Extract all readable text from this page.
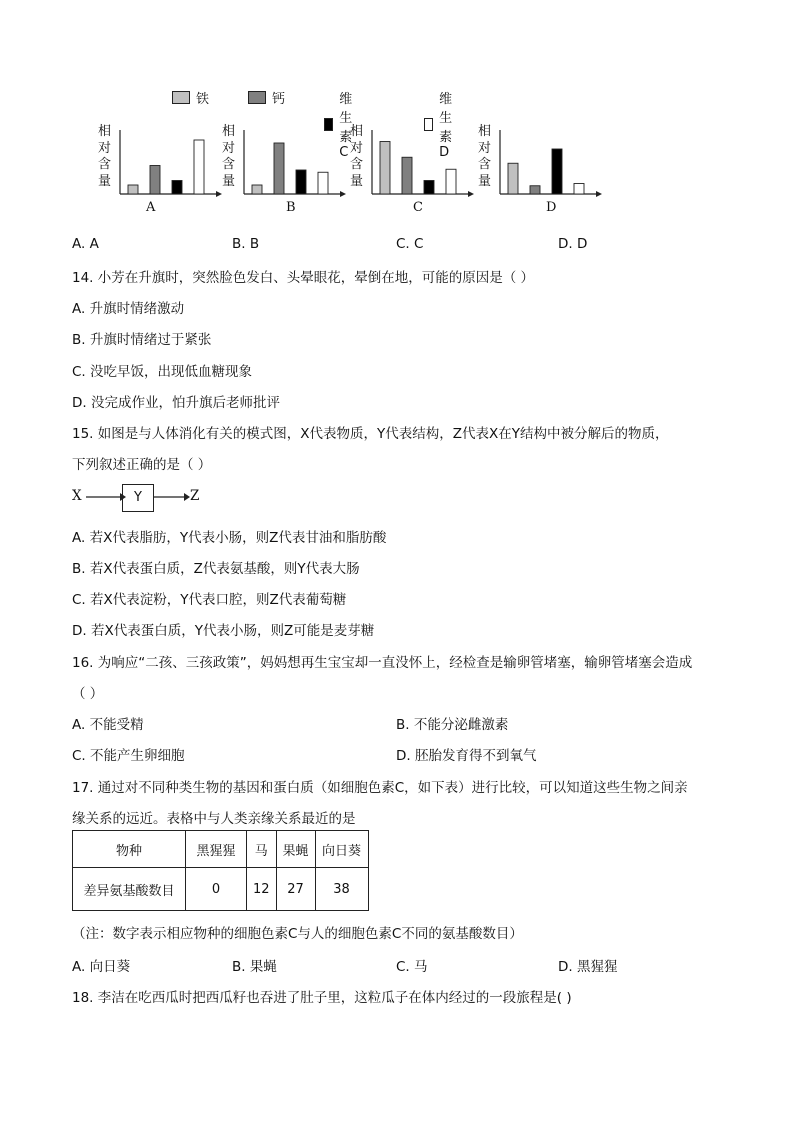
铁	钙	维生素C
维生素D
相对含量
A
相对含量
B
相对含量
C
相对含量
D
A. A	B. B	C. C	D. D
14. 小芳在升旗时，突然脸色发白、头晕眼花，晕倒在地，可能的原因是（ ）
A. 升旗时情绪激动
B. 升旗时情绪过于紧张
C. 没吃早饭，出现低血糖现象
D. 没完成作业，怕升旗后老师批评
15. 如图是与人体消化有关的模式图，X代表物质，Y代表结构，Z代表X在Y结构中被分解后的物质，
下列叙述正确的是（ ）
X	Y	Z
A. 若X代表脂肪，Y代表小肠，则Z代表甘油和脂肪酸
B. 若X代表蛋白质，Z代表氨基酸，则Y代表大肠
C. 若X代表淀粉，Y代表口腔，则Z代表葡萄糖
D. 若X代表蛋白质，Y代表小肠，则Z可能是麦芽糖
16. 为响应“二孩、三孩政策”，妈妈想再生宝宝却一直没怀上，经检查是输卵管堵塞，输卵管堵塞会造成
（ ）
A. 不能受精	B. 不能分泌雌激素
C. 不能产生卵细胞	D. 胚胎发育得不到氧气
17. 通过对不同种类生物的基因和蛋白质（如细胞色素C，如下表）进行比较，可以知道这些生物之间亲
缘关系的远近。表格中与人类亲缘关系最近的是
物种	黑猩猩	马	果蝇	向日葵
差异氨基酸数目	0	12	27	38
（注：数字表示相应物种的细胞色素C与人的细胞色素C不同的氨基酸数目）
A. 向日葵	B. 果蝇	C. 马	D. 黑猩猩
18. 李洁在吃西瓜时把西瓜籽也吞进了肚子里，这粒瓜子在体内经过的一段旅程是( )
